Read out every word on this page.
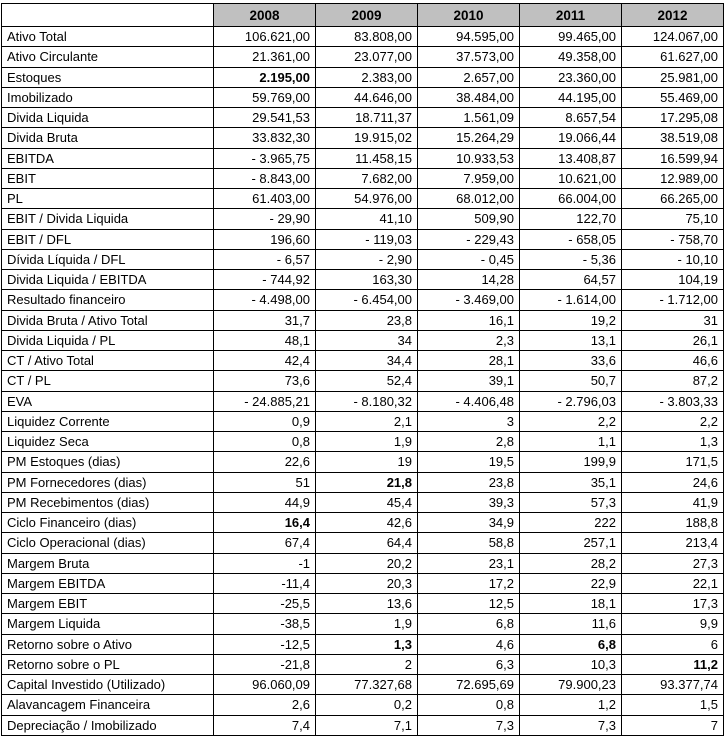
	2008	2009	2010	2011	2012
Ativo Total	106.621,00	83.808,00	94.595,00	99.465,00	124.067,00
Ativo Circulante	21.361,00	23.077,00	37.573,00	49.358,00	61.627,00
Estoques	2.195,00	2.383,00	2.657,00	23.360,00	25.981,00
Imobilizado	59.769,00	44.646,00	38.484,00	44.195,00	55.469,00
Divida Liquida	29.541,53	18.711,37	1.561,09	8.657,54	17.295,08
Divida Bruta	33.832,30	19.915,02	15.264,29	19.066,44	38.519,08
EBITDA	- 3.965,75	11.458,15	10.933,53	13.408,87	16.599,94
EBIT	- 8.843,00	7.682,00	7.959,00	10.621,00	12.989,00
PL	61.403,00	54.976,00	68.012,00	66.004,00	66.265,00
EBIT / Divida Liquida	- 29,90	41,10	509,90	122,70	75,10
EBIT / DFL	196,60	- 119,03	- 229,43	- 658,05	- 758,70
Dívida Líquida / DFL	- 6,57	- 2,90	- 0,45	- 5,36	- 10,10
Divida Liquida / EBITDA	- 744,92	163,30	14,28	64,57	104,19
Resultado financeiro	- 4.498,00	- 6.454,00	- 3.469,00	- 1.614,00	- 1.712,00
Divida Bruta / Ativo Total	31,7	23,8	16,1	19,2	31
Divida Liquida / PL	48,1	34	2,3	13,1	26,1
CT / Ativo Total	42,4	34,4	28,1	33,6	46,6
CT / PL	73,6	52,4	39,1	50,7	87,2
EVA	- 24.885,21	- 8.180,32	- 4.406,48	- 2.796,03	- 3.803,33
Liquidez Corrente	0,9	2,1	3	2,2	2,2
Liquidez Seca	0,8	1,9	2,8	1,1	1,3
PM Estoques (dias)	22,6	19	19,5	199,9	171,5
PM Fornecedores (dias)	51	21,8	23,8	35,1	24,6
PM Recebimentos (dias)	44,9	45,4	39,3	57,3	41,9
Ciclo Financeiro (dias)	16,4	42,6	34,9	222	188,8
Ciclo Operacional (dias)	67,4	64,4	58,8	257,1	213,4
Margem Bruta	-1	20,2	23,1	28,2	27,3
Margem EBITDA	-11,4	20,3	17,2	22,9	22,1
Margem EBIT	-25,5	13,6	12,5	18,1	17,3
Margem Liquida	-38,5	1,9	6,8	11,6	9,9
Retorno sobre o Ativo	-12,5	1,3	4,6	6,8	6
Retorno sobre o PL	-21,8	2	6,3	10,3	11,2
Capital Investido (Utilizado)	96.060,09	77.327,68	72.695,69	79.900,23	93.377,74
Alavancagem Financeira	2,6	0,2	0,8	1,2	1,5
Depreciação / Imobilizado	7,4	7,1	7,3	7,3	7
